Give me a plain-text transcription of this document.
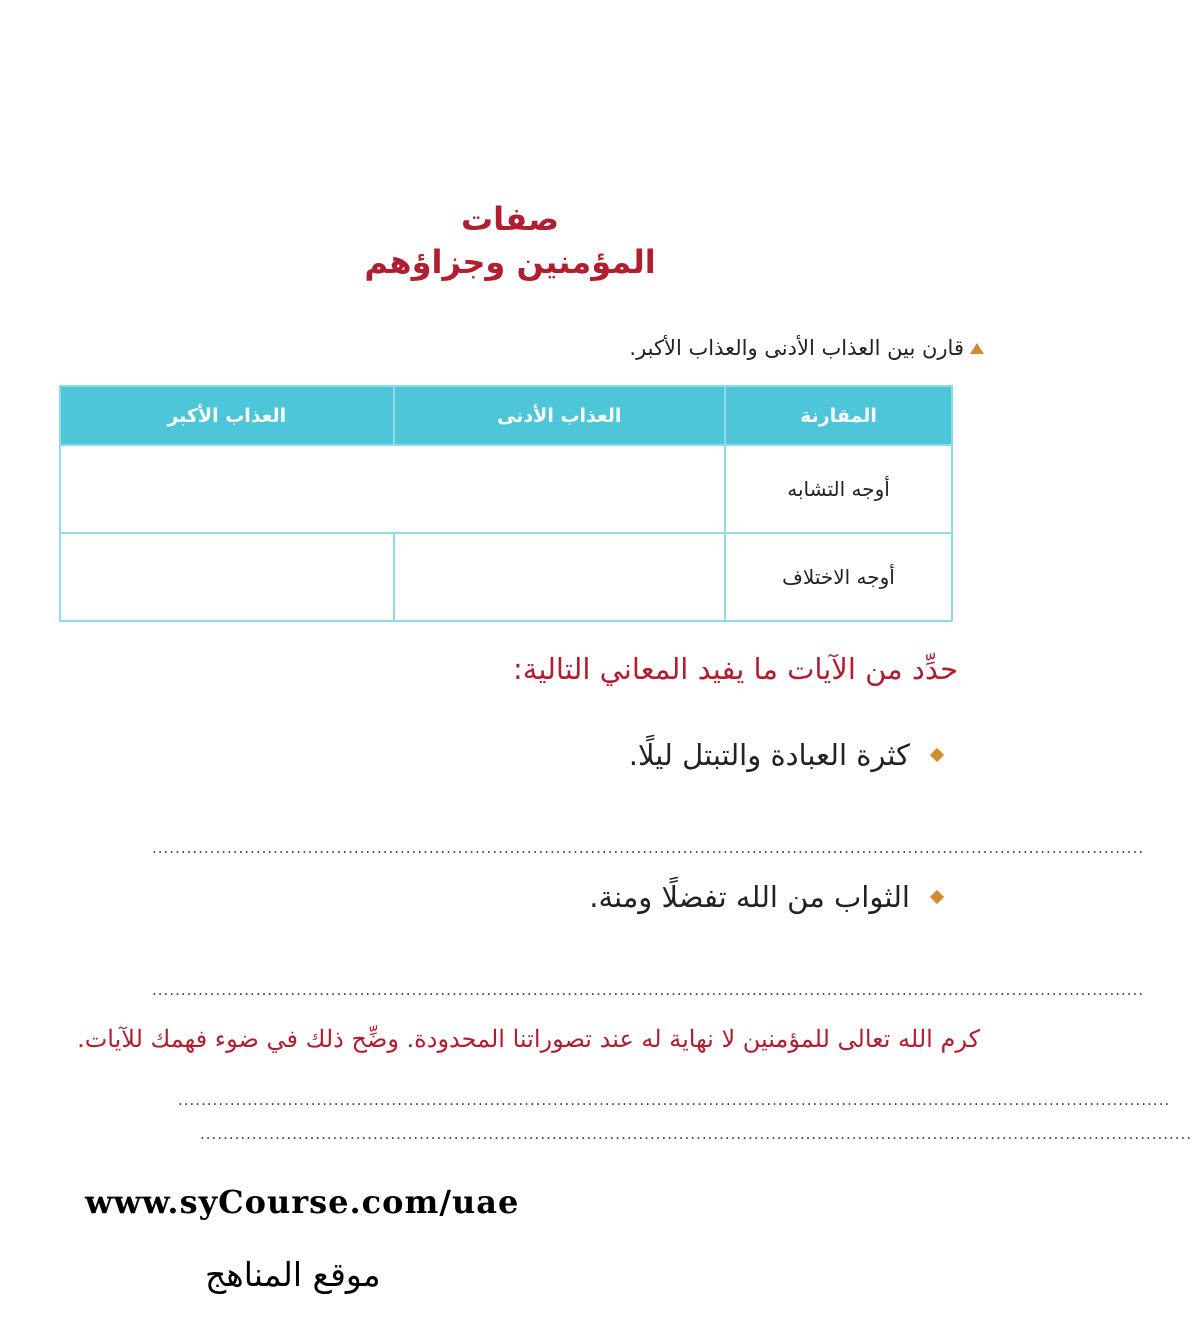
صفات
المؤمنين وجزاؤهم
قارن بين العذاب الأدنى والعذاب الأكبر.
المقارنة	العذاب الأدنى	العذاب الأكبر
أوجه التشابه		
أوجه الاختلاف		
حدِّد من الآيات ما يفيد المعاني التالية:
كثرة العبادة والتبتل ليلًا.
............................................................................................................................................................................
الثواب من الله تفضلًا ومنة.
............................................................................................................................................................................
كرم الله تعالى للمؤمنين لا نهاية له عند تصوراتنا المحدودة. وضِّح ذلك في ضوء فهمك للآيات.
............................................................................................................................................................................
............................................................................................................................................................................
www.syCourse.com/uae
موقع المناهج
